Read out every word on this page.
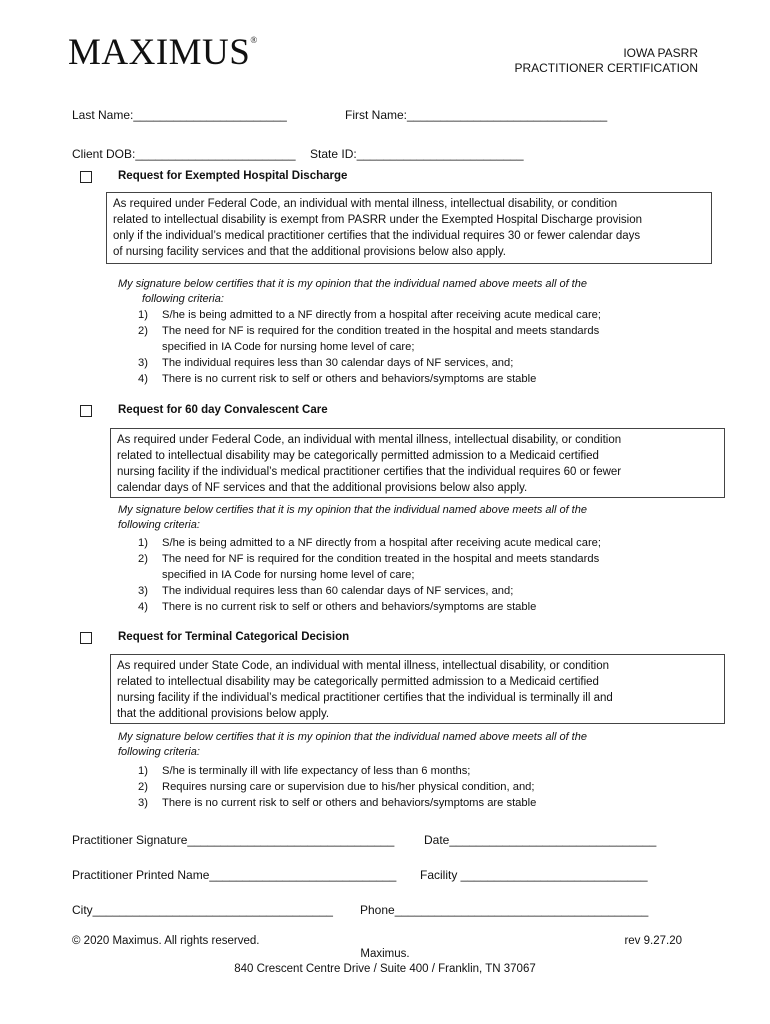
MAXIMUS®
IOWA PASRR
PRACTITIONER CERTIFICATION
Last Name:_______________________	First Name:______________________________
Client DOB:________________________ State ID:_________________________
Request for Exempted Hospital Discharge
As required under Federal Code, an individual with mental illness, intellectual disability, or condition
related to intellectual disability is exempt from PASRR under the Exempted Hospital Discharge provision
only if the individual’s medical practitioner certifies that the individual requires 30 or fewer calendar days
of nursing facility services and that the additional provisions below also apply.
My signature below certifies that it is my opinion that the individual named above meets all of the
following criteria:
1) S/he is being admitted to a NF directly from a hospital after receiving acute medical care;
2) The need for NF is required for the condition treated in the hospital and meets standards
specified in IA Code for nursing home level of care;
3) The individual requires less than 30 calendar days of NF services, and;
4) There is no current risk to self or others and behaviors/symptoms are stable
Request for 60 day Convalescent Care
As required under Federal Code, an individual with mental illness, intellectual disability, or condition
related to intellectual disability may be categorically permitted admission to a Medicaid certified
nursing facility if the individual’s medical practitioner certifies that the individual requires 60 or fewer
calendar days of NF services and that the additional provisions below also apply.
My signature below certifies that it is my opinion that the individual named above meets all of the
following criteria:
1) S/he is being admitted to a NF directly from a hospital after receiving acute medical care;
2) The need for NF is required for the condition treated in the hospital and meets standards
specified in IA Code for nursing home level of care;
3) The individual requires less than 60 calendar days of NF services, and;
4) There is no current risk to self or others and behaviors/symptoms are stable
Request for Terminal Categorical Decision
As required under State Code, an individual with mental illness, intellectual disability, or condition
related to intellectual disability may be categorically permitted admission to a Medicaid certified
nursing facility if the individual’s medical practitioner certifies that the individual is terminally ill and
that the additional provisions below apply.
My signature below certifies that it is my opinion that the individual named above meets all of the
following criteria:
1) S/he is terminally ill with life expectancy of less than 6 months;
2) Requires nursing care or supervision due to his/her physical condition, and;
3) There is no current risk to self or others and behaviors/symptoms are stable
Practitioner Signature_______________________________ Date_______________________________
Practitioner Printed Name____________________________ Facility ____________________________
City____________________________________ Phone______________________________________
© 2020 Maximus. All rights reserved.	rev 9.27.20
Maximus.
840 Crescent Centre Drive / Suite 400 / Franklin, TN 37067
